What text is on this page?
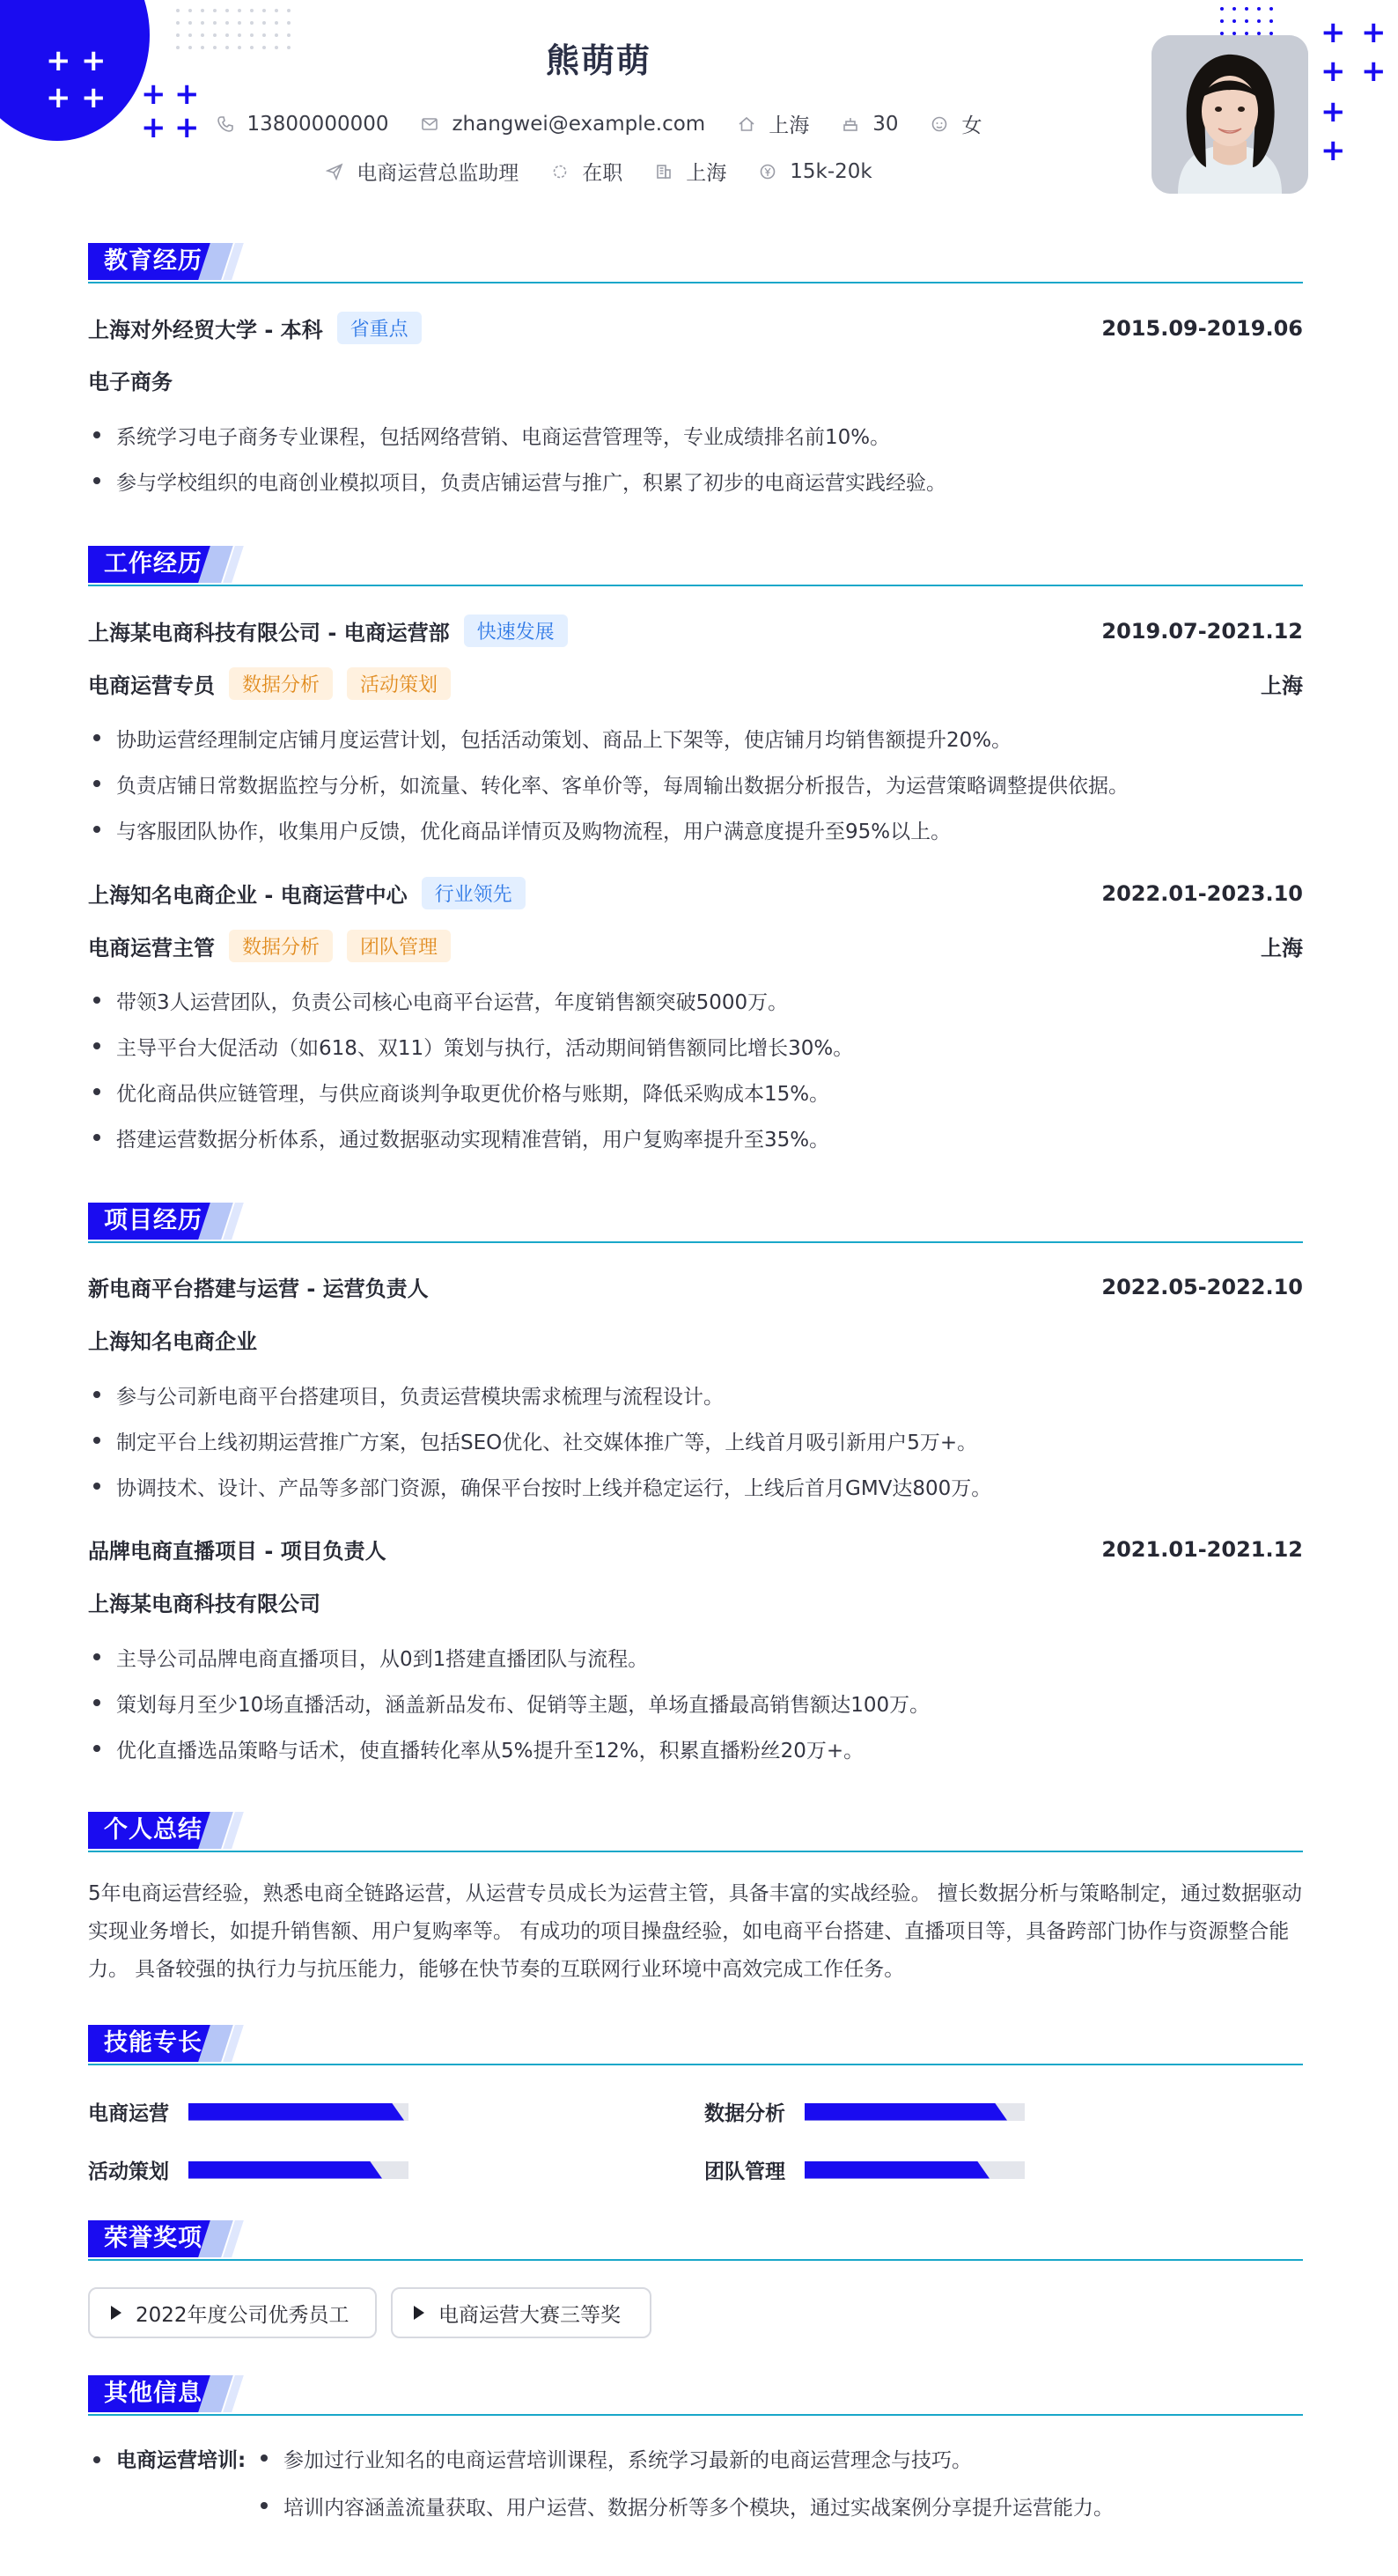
+ +
+ + + +
+ +
+ +
+ +
+
+
熊萌萌
13800000000	zhangwei@example.com	上海	30	女
电商运营总监助理	在职	上海	15k-20k
教育经历
上海对外经贸大学 - 本科	省重点	2015.09-2019.06
电子商务
系统学习电子商务专业课程，包括网络营销、电商运营管理等，专业成绩排名前10%。
参与学校组织的电商创业模拟项目，负责店铺运营与推广，积累了初步的电商运营实践经验。
工作经历
上海某电商科技有限公司 - 电商运营部	快速发展	2019.07-2021.12
电商运营专员	数据分析	活动策划	上海
协助运营经理制定店铺月度运营计划，包括活动策划、商品上下架等，使店铺月均销售额提升20%。
负责店铺日常数据监控与分析，如流量、转化率、客单价等，每周输出数据分析报告，为运营策略调整提供依据。
与客服团队协作，收集用户反馈，优化商品详情页及购物流程，用户满意度提升至95%以上。
上海知名电商企业 - 电商运营中心	行业领先	2022.01-2023.10
电商运营主管	数据分析	团队管理	上海
带领3人运营团队，负责公司核心电商平台运营，年度销售额突破5000万。
主导平台大促活动（如618、双11）策划与执行，活动期间销售额同比增长30%。
优化商品供应链管理，与供应商谈判争取更优价格与账期，降低采购成本15%。
搭建运营数据分析体系，通过数据驱动实现精准营销，用户复购率提升至35%。
项目经历
新电商平台搭建与运营 - 运营负责人	2022.05-2022.10
上海知名电商企业
参与公司新电商平台搭建项目，负责运营模块需求梳理与流程设计。
制定平台上线初期运营推广方案，包括SEO优化、社交媒体推广等，上线首月吸引新用户5万+。
协调技术、设计、产品等多部门资源，确保平台按时上线并稳定运行，上线后首月GMV达800万。
品牌电商直播项目 - 项目负责人	2021.01-2021.12
上海某电商科技有限公司
主导公司品牌电商直播项目，从0到1搭建直播团队与流程。
策划每月至少10场直播活动，涵盖新品发布、促销等主题，单场直播最高销售额达100万。
优化直播选品策略与话术，使直播转化率从5%提升至12%，积累直播粉丝20万+。
个人总结
5年电商运营经验，熟悉电商全链路运营，从运营专员成长为运营主管，具备丰富的实战经验。 擅长数据分析与策略制定，通过数据驱动实现业务增长，如提升销售额、用户复购率等。 有成功的项目操盘经验，如电商平台搭建、直播项目等，具备跨部门协作与资源整合能力。 具备较强的执行力与抗压能力，能够在快节奏的互联网行业环境中高效完成工作任务。
技能专长
电商运营	数据分析
活动策划	团队管理
荣誉奖项
2022年度公司优秀员工	电商运营大赛三等奖
其他信息
电商运营培训:	参加过行业知名的电商运营培训课程，系统学习最新的电商运营理念与技巧。
培训内容涵盖流量获取、用户运营、数据分析等多个模块，通过实战案例分享提升运营能力。
